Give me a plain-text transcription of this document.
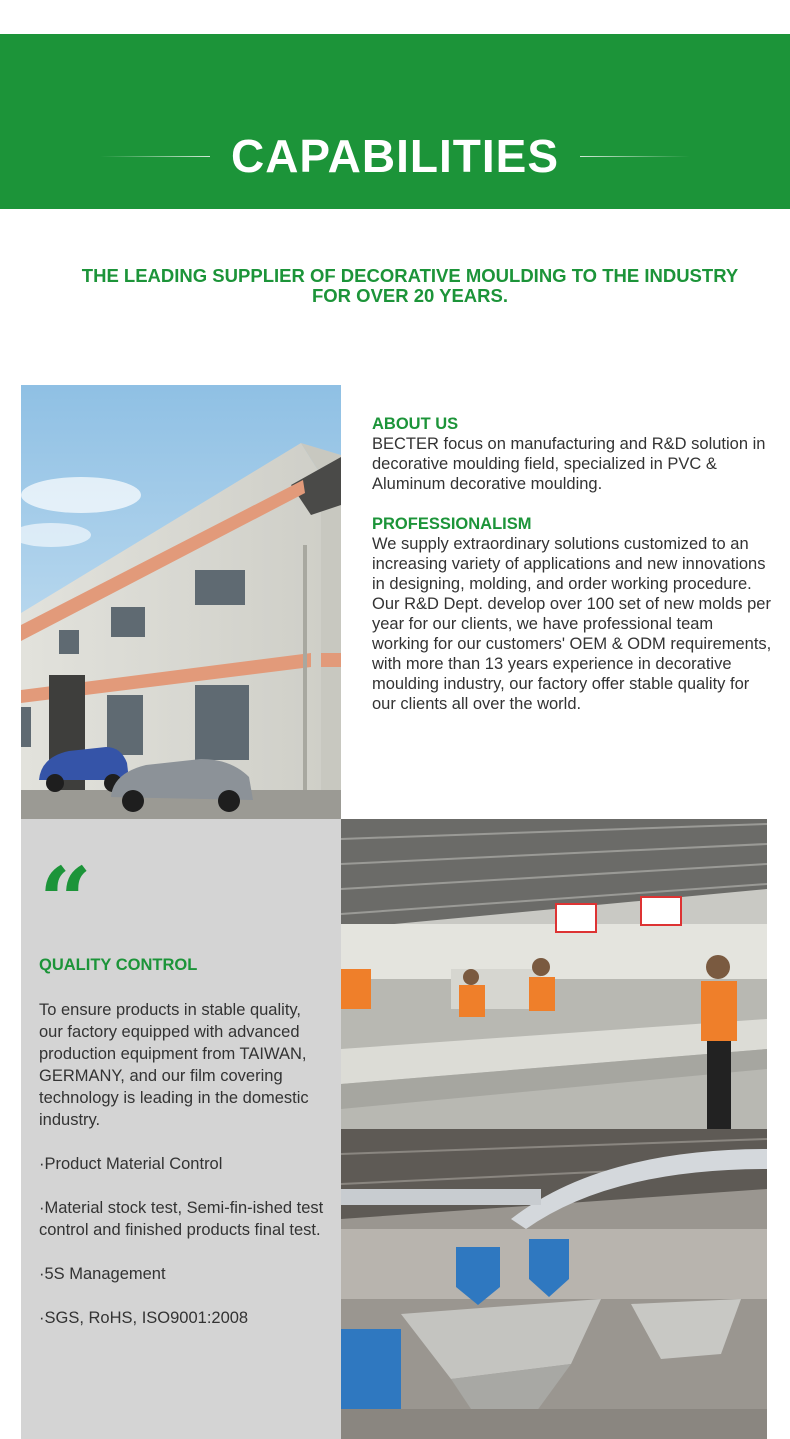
CAPABILITIES
THE LEADING SUPPLIER OF DECORATIVE MOULDING TO THE INDUSTRY FOR OVER 20 YEARS.
ABOUT US
BECTER focus on manufacturing and R&D solution in decorative moulding field, specialized in PVC & Aluminum decorative moulding.
PROFESSIONALISM
We supply extraordinary solutions customized to an increasing variety of applications and new innovations in designing, molding, and order working procedure. Our R&D Dept. develop over 100 set of new molds per year for our clients, we have professional team working for our customers' OEM & ODM requirements, with more than 13 years experience in decorative moulding industry, our factory offer stable quality for our clients all over the world.
“
QUALITY CONTROL

To ensure products in stable quality, our factory equipped with advanced production equipment from TAIWAN, GERMANY, and our film covering technology is leading in the domestic industry.

·Product Material Control

·Material stock test, Semi-fin-ished test control and finished products final test.

·5S Management

·SGS, RoHS, ISO9001:2008
